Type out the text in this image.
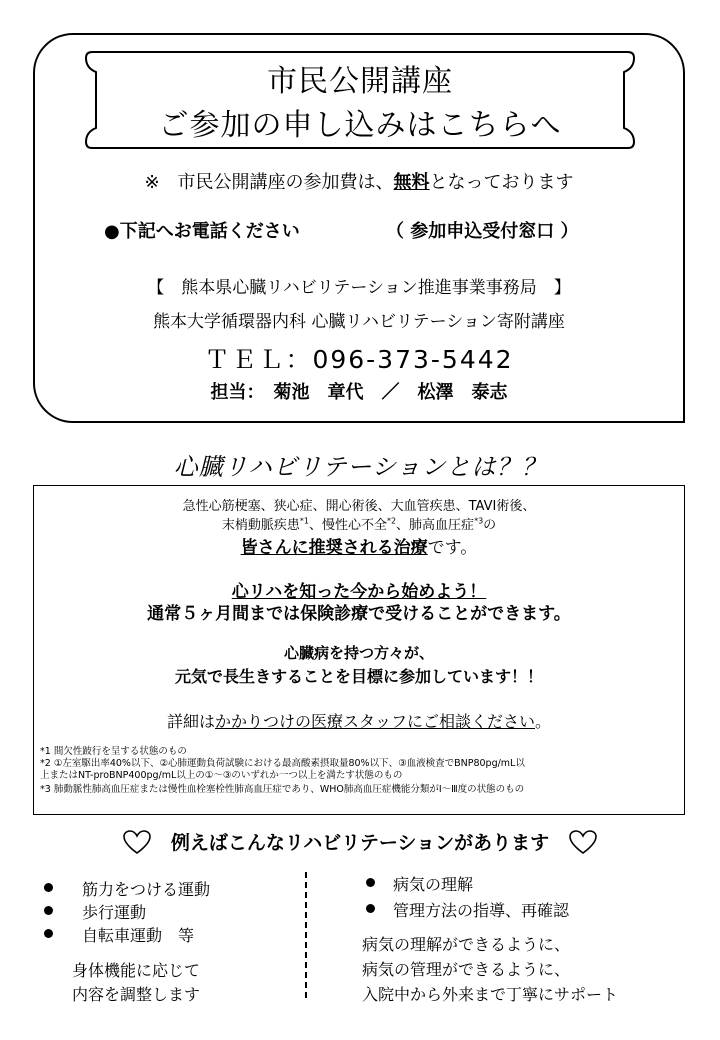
市民公開講座
ご参加の申し込みはこちらへ
※　市民公開講座の参加費は、無料となっております
●下記へお電話ください	（ 参加申込受付窓口 ）
【　熊本県心臓リハビリテーション推進事業事務局　】
熊本大学循環器内科 心臓リハビリテーション寄附講座
ＴＥＬ：096-373-5442
担当：　菊池　章代　／　松澤　泰志
心臓リハビリテーションとは？？
急性心筋梗塞、狭心症、開心術後、大血管疾患、TAVI術後、
末梢動脈疾患$^{*1}$、慢性心不全$^{*2}$、肺高血圧症$^{*3}$の
皆さんに推奨される治療です。
心リハを知った今から始めよう！
通常５ヶ月間までは保険診療で受けることができます。
心臓病を持つ方々が、
元気で長生きすることを目標に参加しています！！
詳細はかかりつけの医療スタッフにご相談ください。
*1 間欠性跛行を呈する状態のもの
*2 ①左室駆出率40%以下、②心肺運動負荷試験における最高酸素摂取量80%以下、③血液検査でBNP80pg/mL以
上またはNT-proBNP400pg/mL以上の①～③のいずれか一つ以上を満たす状態のもの
*3 肺動脈性肺高血圧症または慢性血栓塞栓性肺高血圧症であり、WHO肺高血圧症機能分類がⅠ～Ⅲ度の状態のもの
例えばこんなリハビリテーションがあります
筋力をつける運動
歩行運動
自転車運動　等
身体機能に応じて
内容を調整します
病気の理解
管理方法の指導、再確認
病気の理解ができるように、
病気の管理ができるように、
入院中から外来まで丁寧にサポート
